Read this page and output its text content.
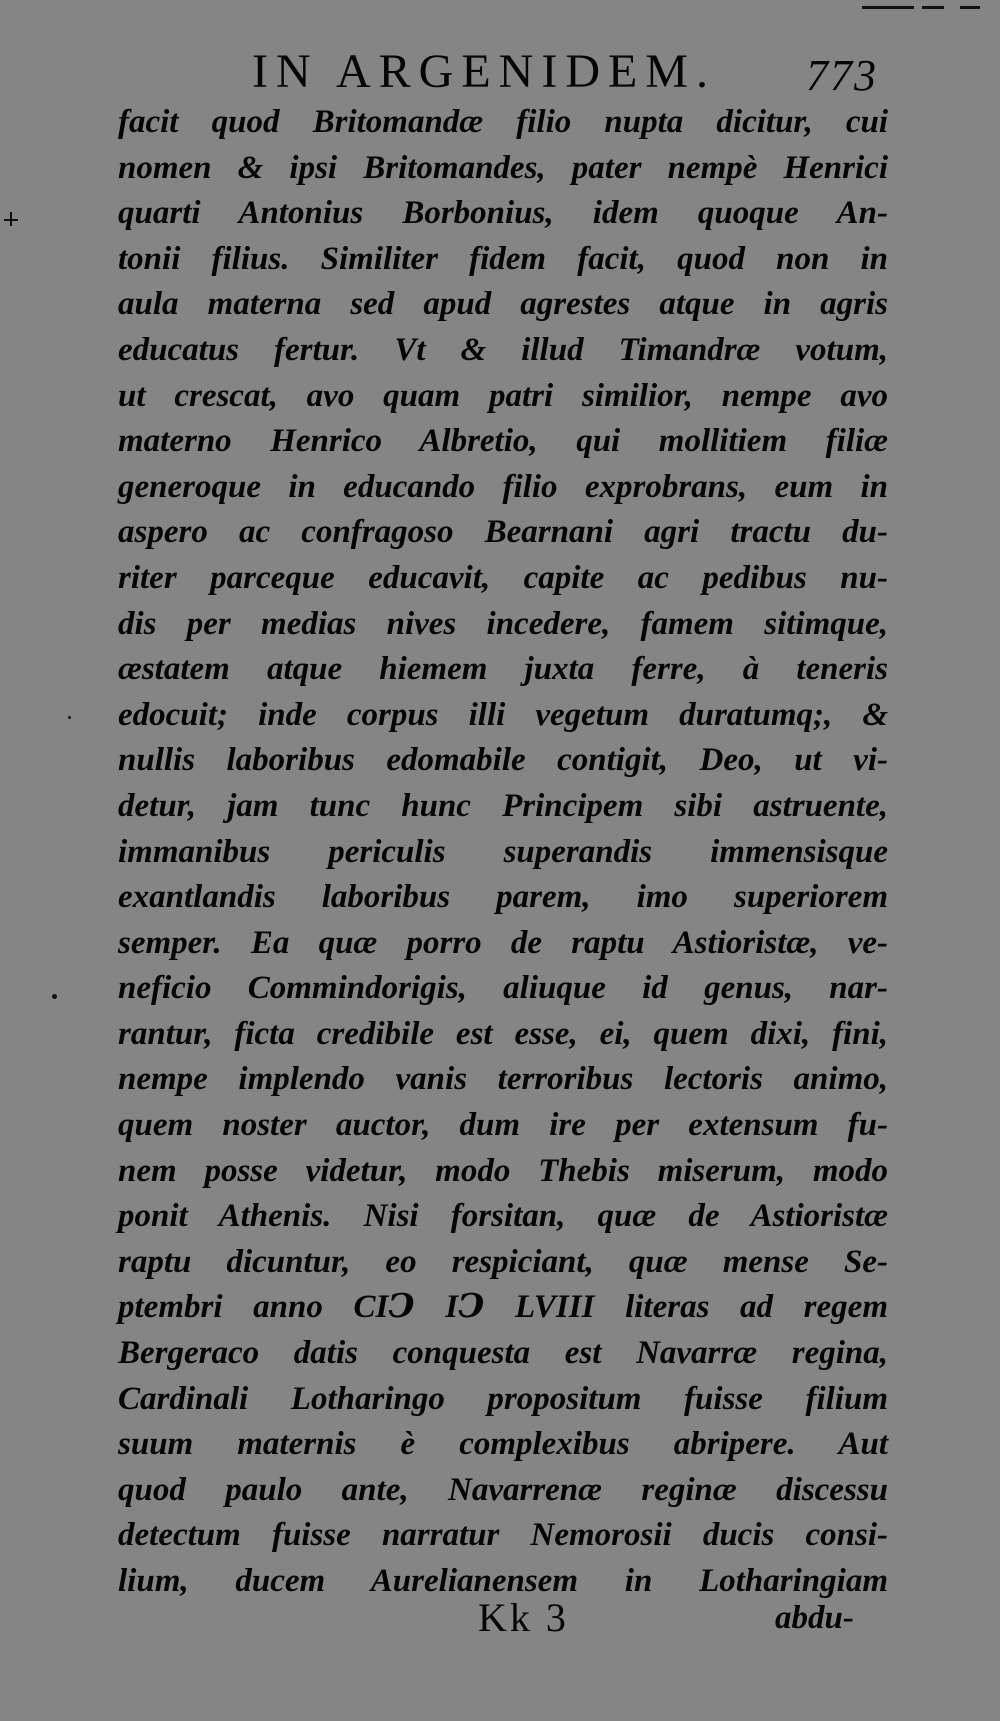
IN ARGENIDEM. 773
facit quod Britomandæ filio nupta dicitur, cui
nomen & ipsi Britomandes, pater nempè Henrici
quarti Antonius Borbonius, idem quoque An-
tonii filius. Similiter fidem facit, quod non in
aula materna sed apud agrestes atque in agris
educatus fertur. Vt & illud Timandræ votum,
ut crescat, avo quam patri similior, nempe avo
materno Henrico Albretio, qui mollitiem filiæ
generoque in educando filio exprobrans, eum in
aspero ac confragoso Bearnani agri tractu du-
riter parceque educavit, capite ac pedibus nu-
dis per medias nives incedere, famem sitimque,
æstatem atque hiemem juxta ferre, à teneris
edocuit; inde corpus illi vegetum duratumq;, &
nullis laboribus edomabile contigit, Deo, ut vi-
detur, jam tunc hunc Principem sibi astruente,
immanibus periculis superandis immensisque
exantlandis laboribus parem, imo superiorem
semper. Ea quæ porro de raptu Astioristæ, ve-
neficio Commindorigis, aliuque id genus, nar-
rantur, ficta credibile est esse, ei, quem dixi, fini,
nempe implendo vanis terroribus lectoris animo,
quem noster auctor, dum ire per extensum fu-
nem posse videtur, modo Thebis miserum, modo
ponit Athenis. Nisi forsitan, quæ de Astioristæ
raptu dicuntur, eo respiciant, quæ mense Se-
ptembri anno CIↃ IↃ LVIII literas ad regem
Bergeraco datis conquesta est Navarræ regina,
Cardinali Lotharingo propositum fuisse filium
suum maternis è complexibus abripere. Aut
quod paulo ante, Navarrenæ reginæ discessu
detectum fuisse narratur Nemorosii ducis consi-
lium, ducem Aurelianensem in Lotharingiam
Kk 3	abdu-
